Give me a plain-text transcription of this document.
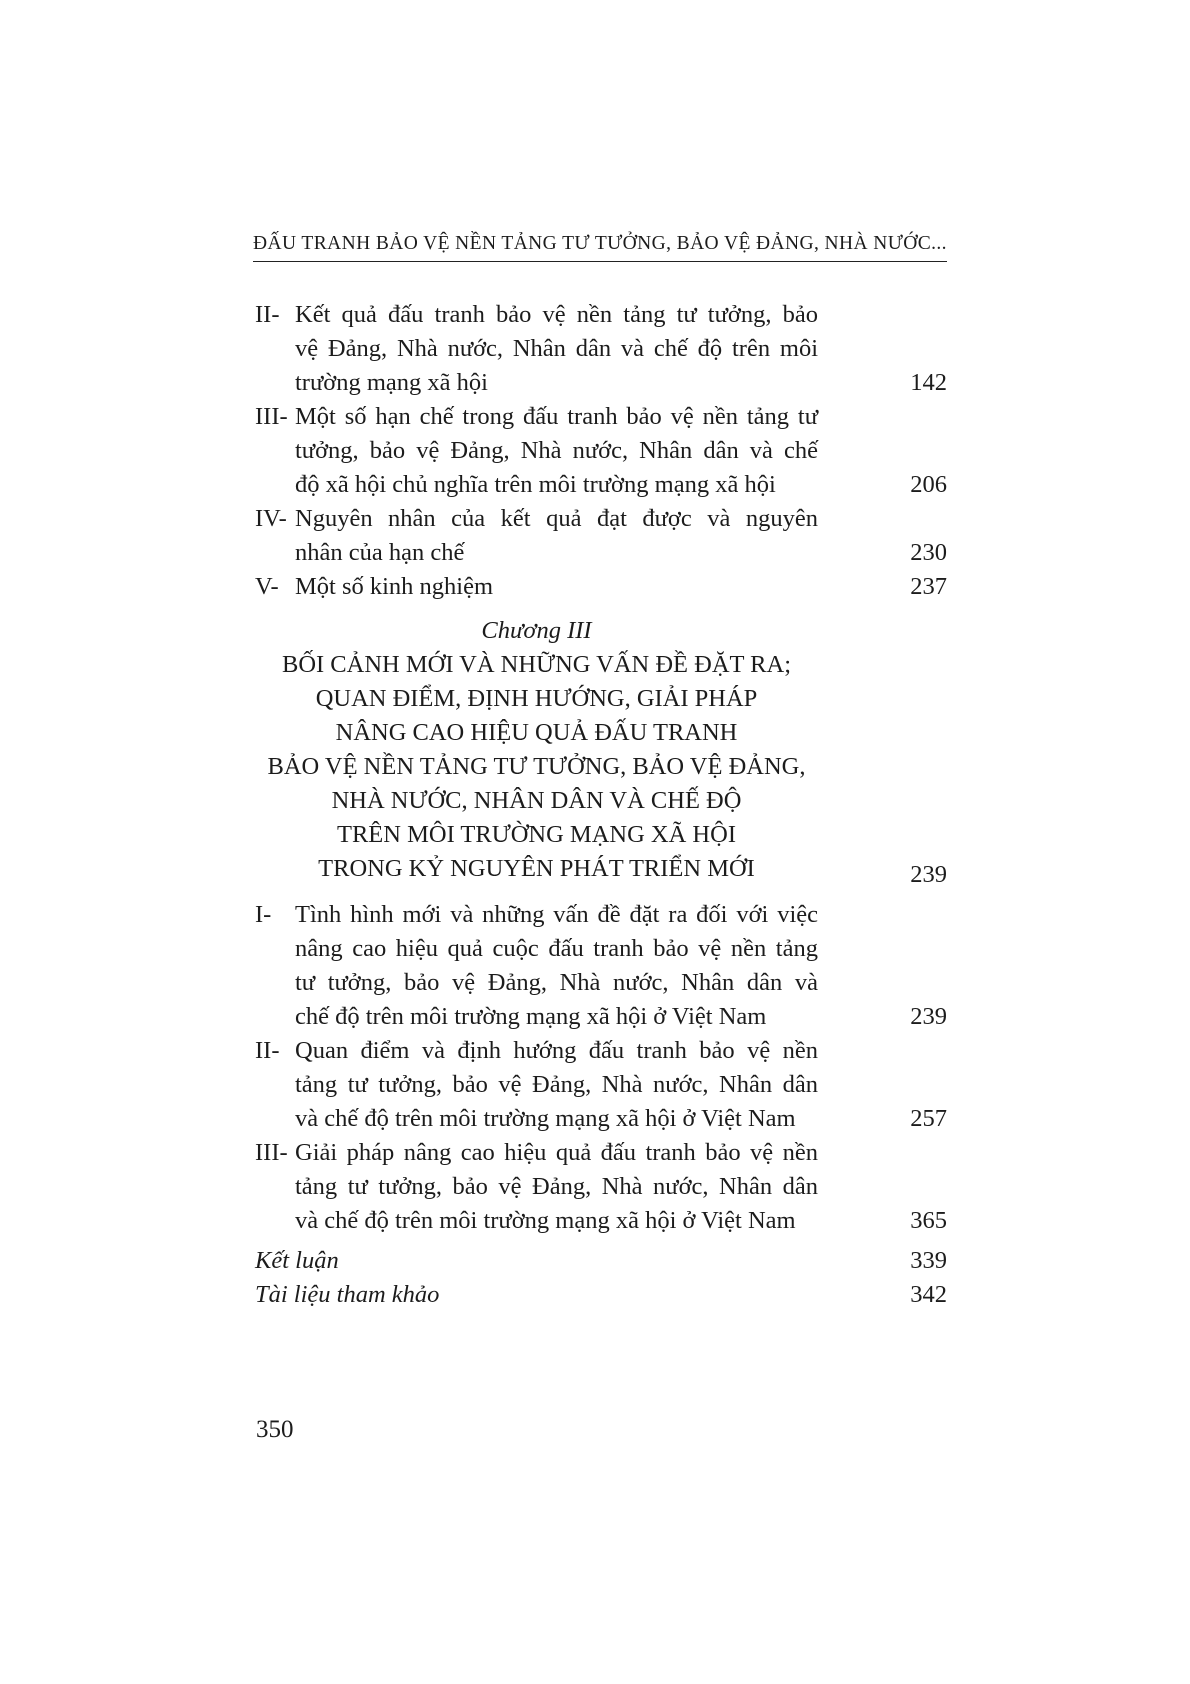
ĐẤU TRANH BẢO VỆ NỀN TẢNG TƯ TƯỞNG, BẢO VỆ ĐẢNG, NHÀ NƯỚC...
II- Kết quả đấu tranh bảo vệ nền tảng tư tưởng, bảo
vệ Đảng, Nhà nước, Nhân dân và chế độ trên môi
trường mạng xã hội	142
III- Một số hạn chế trong đấu tranh bảo vệ nền tảng tư
tưởng, bảo vệ Đảng, Nhà nước, Nhân dân và chế
độ xã hội chủ nghĩa trên môi trường mạng xã hội	206
IV- Nguyên nhân của kết quả đạt được và nguyên
nhân của hạn chế	230
V- Một số kinh nghiệm	237
Chương III
BỐI CẢNH MỚI VÀ NHỮNG VẤN ĐỀ ĐẶT RA;
QUAN ĐIỂM, ĐỊNH HƯỚNG, GIẢI PHÁP
NÂNG CAO HIỆU QUẢ ĐẤU TRANH
BẢO VỆ NỀN TẢNG TƯ TƯỞNG, BẢO VỆ ĐẢNG,
NHÀ NƯỚC, NHÂN DÂN VÀ CHẾ ĐỘ
TRÊN MÔI TRƯỜNG MẠNG XÃ HỘI
TRONG KỶ NGUYÊN PHÁT TRIỂN MỚI	239
I- Tình hình mới và những vấn đề đặt ra đối với việc
nâng cao hiệu quả cuộc đấu tranh bảo vệ nền tảng
tư tưởng, bảo vệ Đảng, Nhà nước, Nhân dân và
chế độ trên môi trường mạng xã hội ở Việt Nam	239
II- Quan điểm và định hướng đấu tranh bảo vệ nền
tảng tư tưởng, bảo vệ Đảng, Nhà nước, Nhân dân
và chế độ trên môi trường mạng xã hội ở Việt Nam	257
III- Giải pháp nâng cao hiệu quả đấu tranh bảo vệ nền
tảng tư tưởng, bảo vệ Đảng, Nhà nước, Nhân dân
và chế độ trên môi trường mạng xã hội ở Việt Nam	365
Kết luận	339
Tài liệu tham khảo	342
350
